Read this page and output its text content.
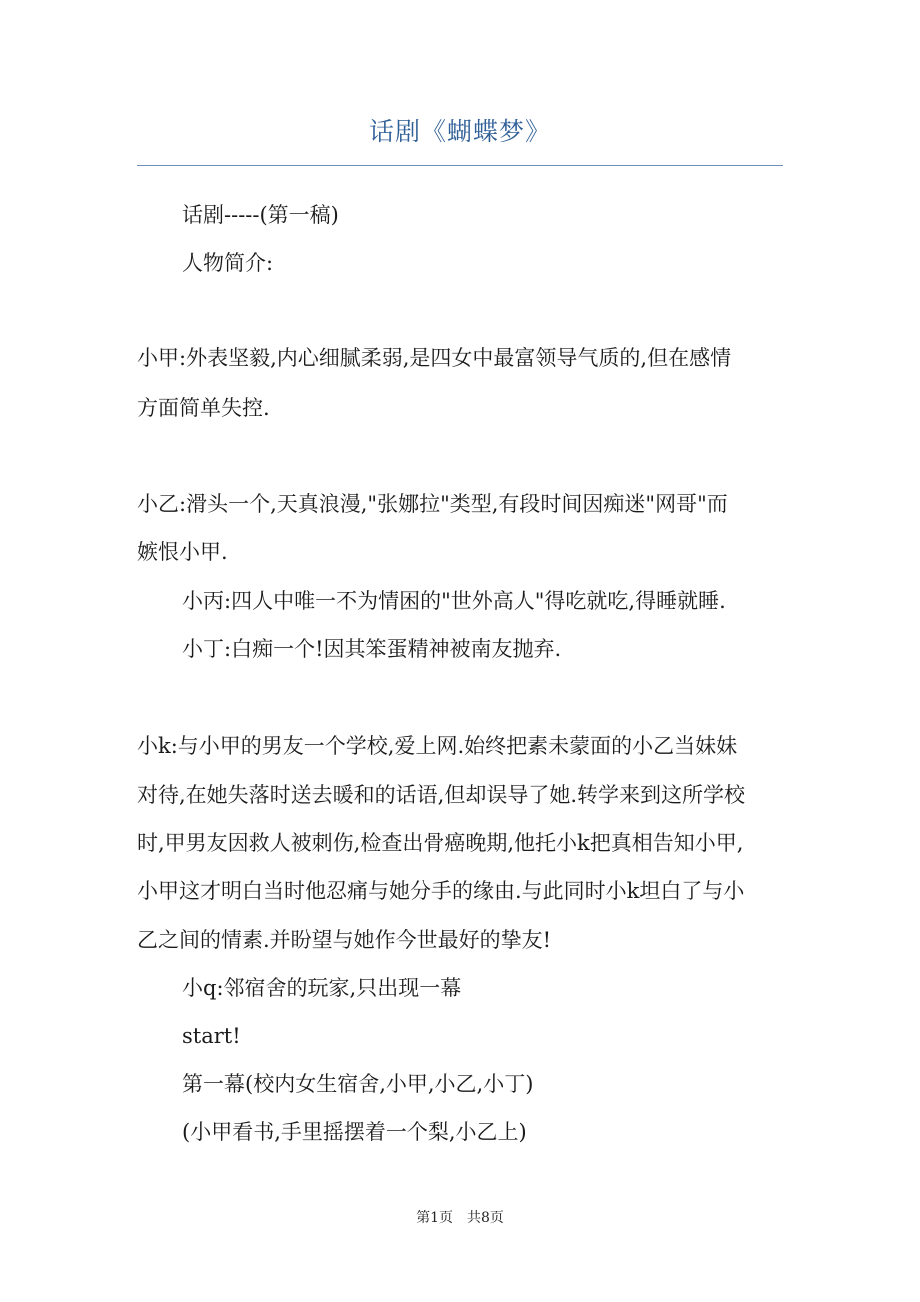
话剧《蝴蝶梦》
话剧-----(第一稿)
人物简介:
小甲:外表坚毅,内心细腻柔弱,是四女中最富领导气质的,但在感情
方面简单失控.
小乙:滑头一个,天真浪漫,"张娜拉"类型,有段时间因痴迷"网哥"而
嫉恨小甲.
小丙:四人中唯一不为情困的"世外高人"得吃就吃,得睡就睡.
小丁:白痴一个!因其笨蛋精神被南友抛弃.
小k:与小甲的男友一个学校,爱上网.始终把素未蒙面的小乙当妹妹
对待,在她失落时送去暖和的话语,但却误导了她.转学来到这所学校
时,甲男友因救人被刺伤,检查出骨癌晚期,他托小k把真相告知小甲,
小甲这才明白当时他忍痛与她分手的缘由.与此同时小k坦白了与小
乙之间的情素.并盼望与她作今世最好的挚友!
小q:邻宿舍的玩家,只出现一幕
start!
第一幕(校内女生宿舍,小甲,小乙,小丁)
(小甲看书,手里摇摆着一个梨,小乙上)
第1页　共8页
